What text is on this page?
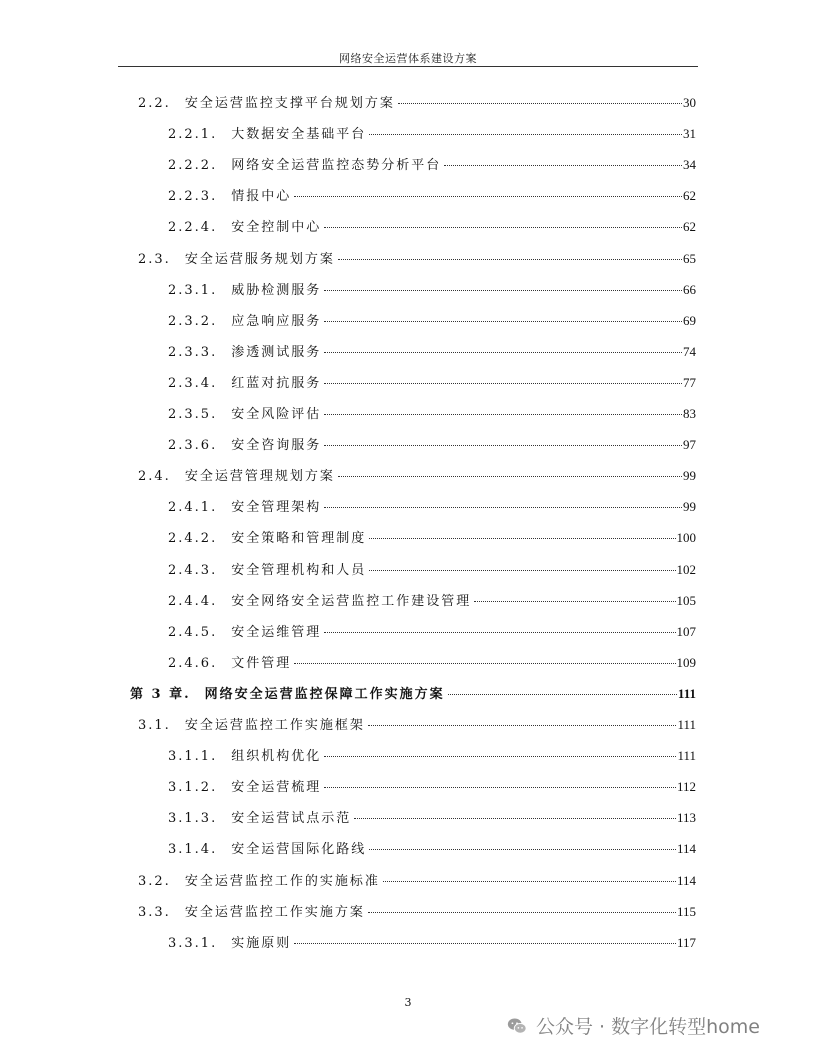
网络安全运营体系建设方案
2.2. 安全运营监控支撑平台规划方案	30
2.2.1. 大数据安全基础平台	31
2.2.2. 网络安全运营监控态势分析平台	34
2.2.3. 情报中心	62
2.2.4. 安全控制中心	62
2.3. 安全运营服务规划方案	65
2.3.1. 威胁检测服务	66
2.3.2. 应急响应服务	69
2.3.3. 渗透测试服务	74
2.3.4. 红蓝对抗服务	77
2.3.5. 安全风险评估	83
2.3.6. 安全咨询服务	97
2.4. 安全运营管理规划方案	99
2.4.1. 安全管理架构	99
2.4.2. 安全策略和管理制度	100
2.4.3. 安全管理机构和人员	102
2.4.4. 安全网络安全运营监控工作建设管理	105
2.4.5. 安全运维管理	107
2.4.6. 文件管理	109
第 3 章. 网络安全运营监控保障工作实施方案	111
3.1. 安全运营监控工作实施框架	111
3.1.1. 组织机构优化	111
3.1.2. 安全运营梳理	112
3.1.3. 安全运营试点示范	113
3.1.4. 安全运营国际化路线	114
3.2. 安全运营监控工作的实施标准	114
3.3. 安全运营监控工作实施方案	115
3.3.1. 实施原则	117
3
公众号 · 数字化转型home
